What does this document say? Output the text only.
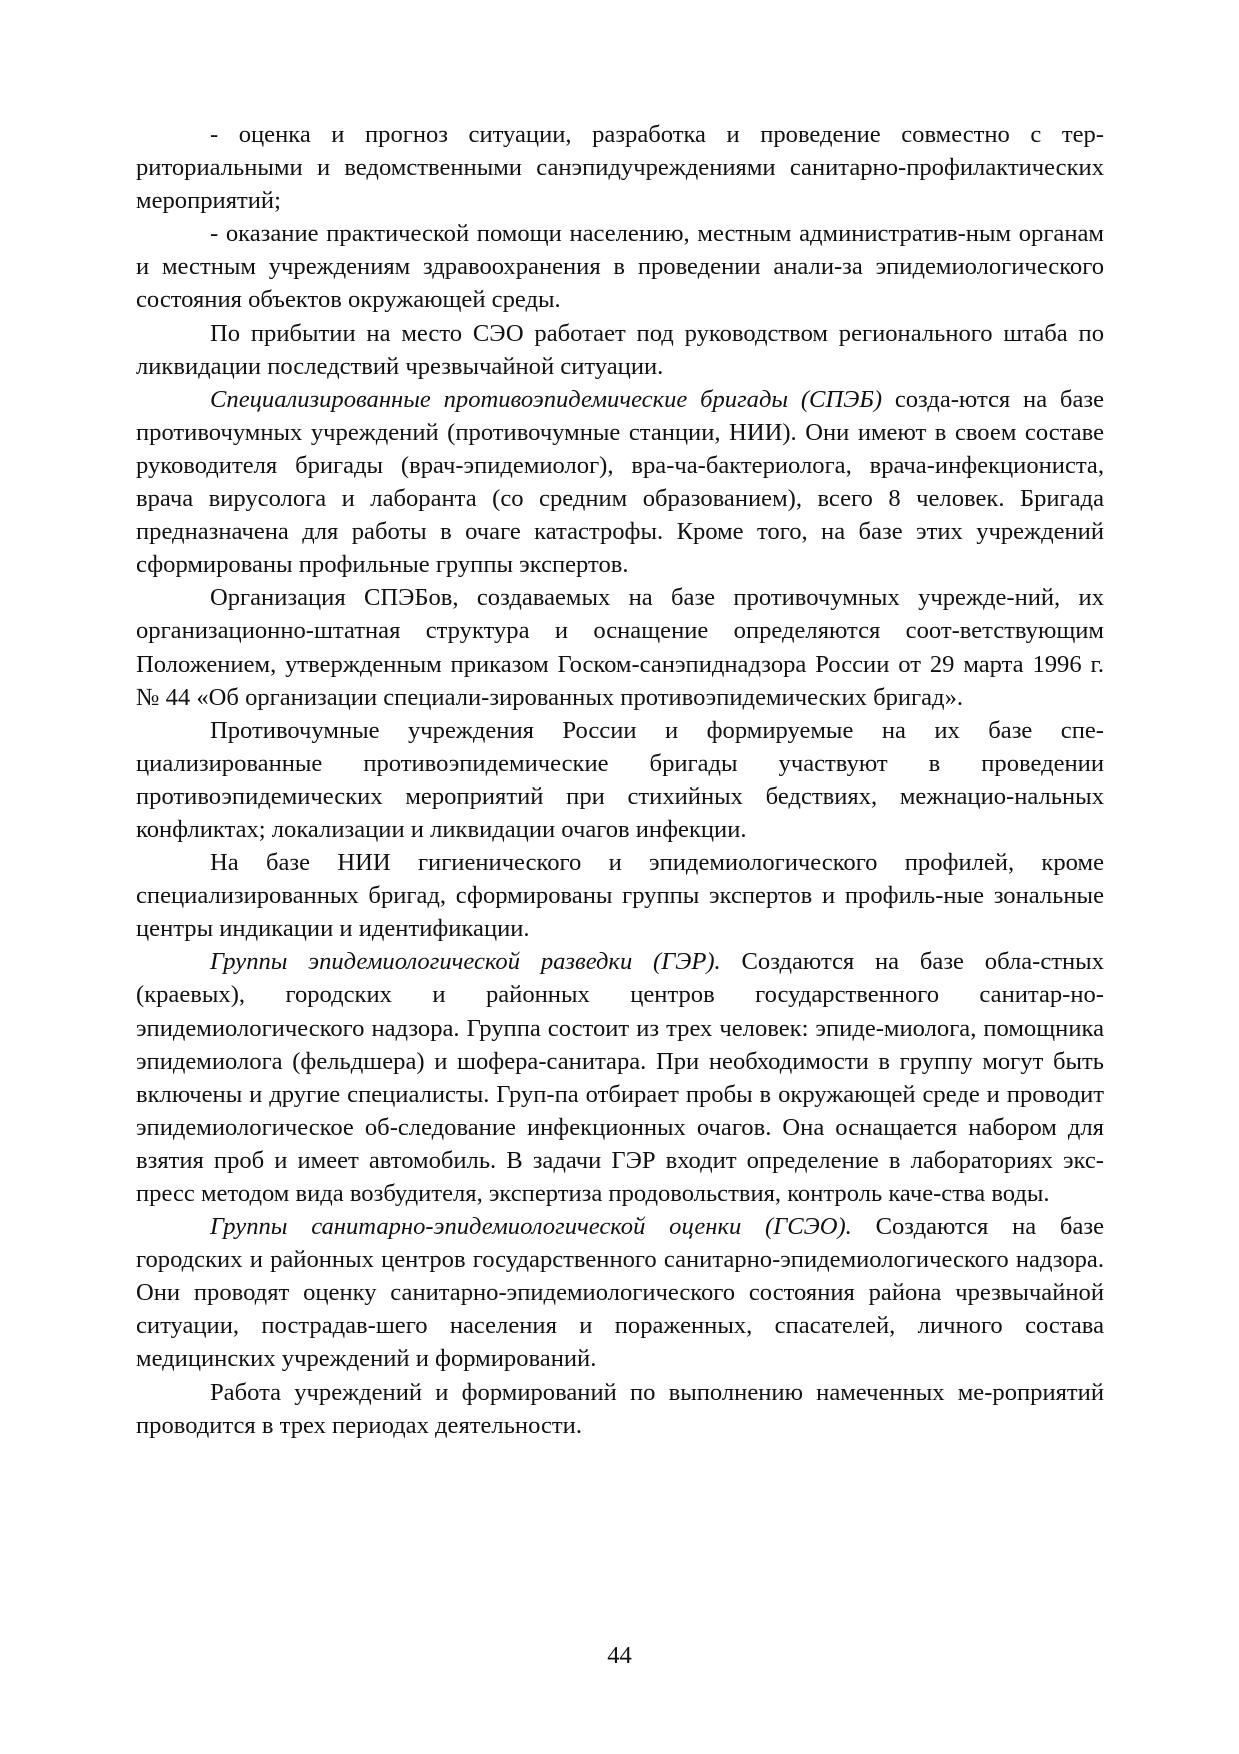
- оценка и прогноз ситуации, разработка и проведение совместно с тер-риториальными и ведомственными санэпидучреждениями санитарно-профилактических мероприятий;

- оказание практической помощи населению, местным административ-ным органам и местным учреждениям здравоохранения в проведении анали-за эпидемиологического состояния объектов окружающей среды.

По прибытии на место СЭО работает под руководством регионального штаба по ликвидации последствий чрезвычайной ситуации.

Специализированные противоэпидемические бригады (СПЭБ) созда-ются на базе противочумных учреждений (противочумные станции, НИИ). Они имеют в своем составе руководителя бригады (врач-эпидемиолог), вра-ча-бактериолога, врача-инфекциониста, врача вирусолога и лаборанта (со средним образованием), всего 8 человек. Бригада предназначена для работы в очаге катастрофы. Кроме того, на базе этих учреждений сформированы профильные группы экспертов.

Организация СПЭБов, создаваемых на базе противочумных учрежде-ний, их организационно-штатная структура и оснащение определяются соот-ветствующим Положением, утвержденным приказом Госком-санэпиднадзора России от 29 марта 1996 г. № 44 «Об организации специали-зированных противоэпидемических бригад».

Противочумные учреждения России и формируемые на их базе спе-циализированные противоэпидемические бригады участвуют в проведении противоэпидемических мероприятий при стихийных бедствиях, межнацио-нальных конфликтах; локализации и ликвидации очагов инфекции.

На базе НИИ гигиенического и эпидемиологического профилей, кроме специализированных бригад, сформированы группы экспертов и профиль-ные зональные центры индикации и идентификации.

Группы эпидемиологической разведки (ГЭР). Создаются на базе обла-стных (краевых), городских и районных центров государственного санитар-но-эпидемиологического надзора. Группа состоит из трех человек: эпиде-миолога, помощника эпидемиолога (фельдшера) и шофера-санитара. При необходимости в группу могут быть включены и другие специалисты. Груп-па отбирает пробы в окружающей среде и проводит эпидемиологическое об-следование инфекционных очагов. Она оснащается набором для взятия проб и имеет автомобиль. В задачи ГЭР входит определение в лабораториях экс-пресс методом вида возбудителя, экспертиза продовольствия, контроль каче-ства воды.

Группы санитарно-эпидемиологической оценки (ГСЭО). Создаются на базе городских и районных центров государственного санитарно-эпидемиологического надзора. Они проводят оценку санитарно-эпидемиологического состояния района чрезвычайной ситуации, пострадав-шего населения и пораженных, спасателей, личного состава медицинских учреждений и формирований.

Работа учреждений и формирований по выполнению намеченных ме-роприятий проводится в трех периодах деятельности.

44
